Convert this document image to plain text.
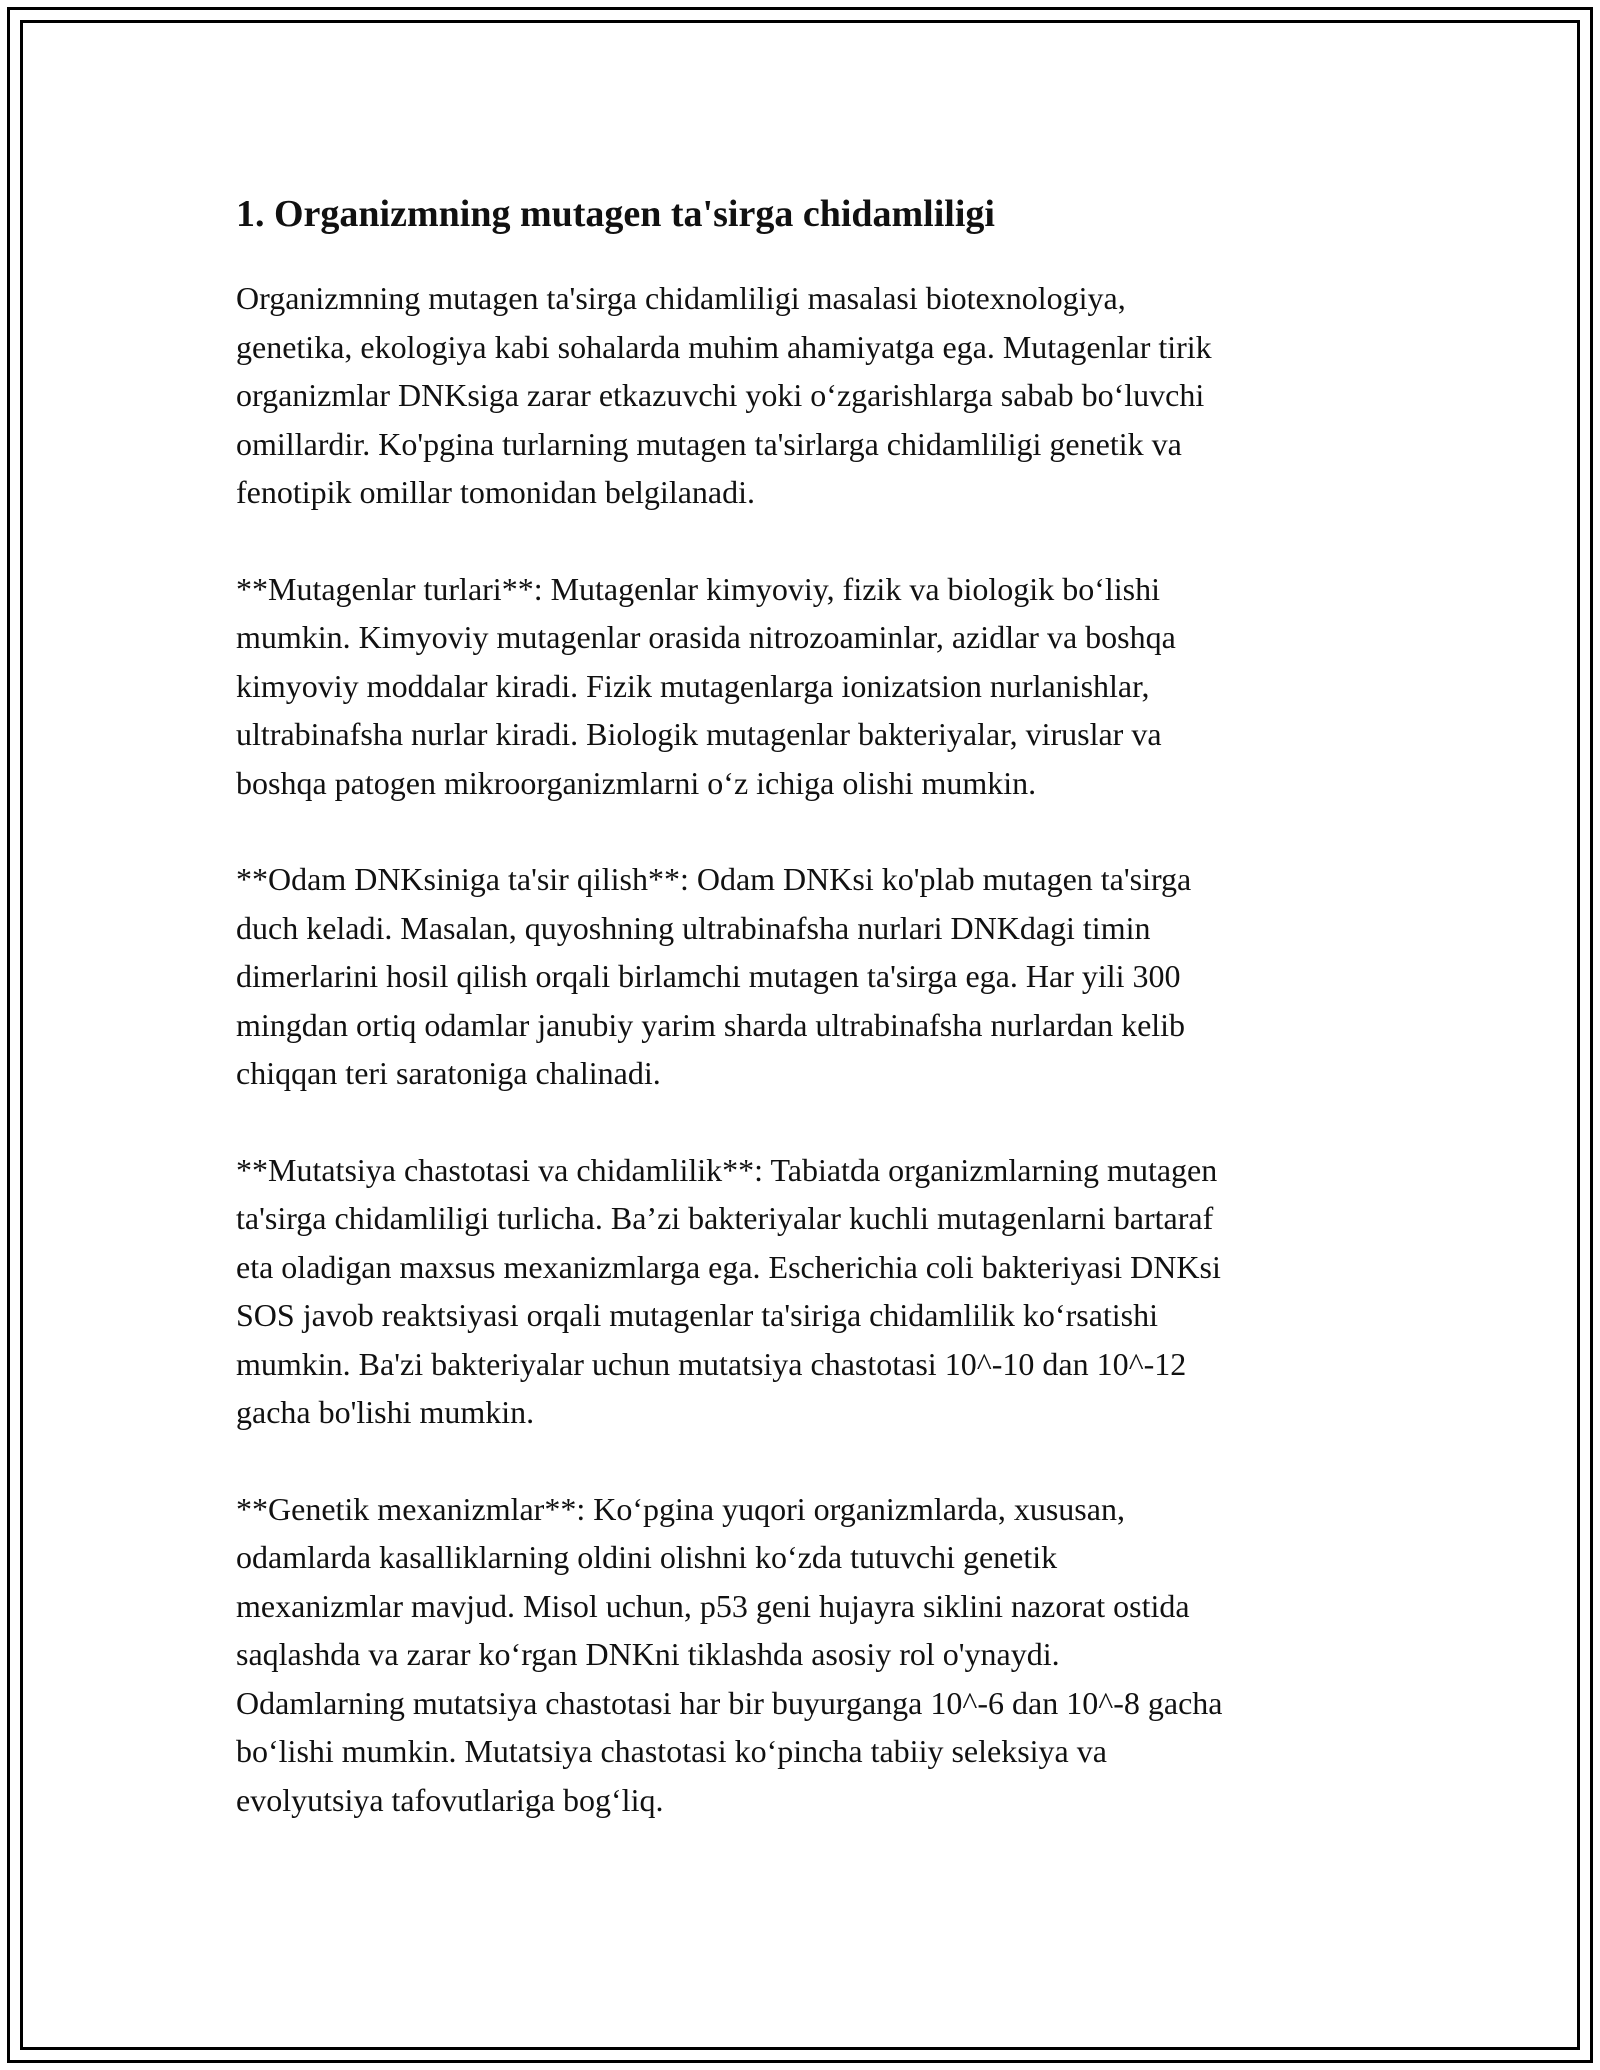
1. Organizmning mutagen ta'sirga chidamliligi

Organizmning mutagen ta'sirga chidamliligi masalasi biotexnologiya,
genetika, ekologiya kabi sohalarda muhim ahamiyatga ega. Mutagenlar tirik
organizmlar DNKsiga zarar etkazuvchi yoki o‘zgarishlarga sabab bo‘luvchi
omillardir. Ko'pgina turlarning mutagen ta'sirlarga chidamliligi genetik va
fenotipik omillar tomonidan belgilanadi.

**Mutagenlar turlari**: Mutagenlar kimyoviy, fizik va biologik bo‘lishi
mumkin. Kimyoviy mutagenlar orasida nitrozoaminlar, azidlar va boshqa
kimyoviy moddalar kiradi. Fizik mutagenlarga ionizatsion nurlanishlar,
ultrabinafsha nurlar kiradi. Biologik mutagenlar bakteriyalar, viruslar va
boshqa patogen mikroorganizmlarni o‘z ichiga olishi mumkin.

**Odam DNKsiniga ta'sir qilish**: Odam DNKsi ko'plab mutagen ta'sirga
duch keladi. Masalan, quyoshning ultrabinafsha nurlari DNKdagi timin
dimerlarini hosil qilish orqali birlamchi mutagen ta'sirga ega. Har yili 300
mingdan ortiq odamlar janubiy yarim sharda ultrabinafsha nurlardan kelib
chiqqan teri saratoniga chalinadi.

**Mutatsiya chastotasi va chidamlilik**: Tabiatda organizmlarning mutagen
ta'sirga chidamliligi turlicha. Ba’zi bakteriyalar kuchli mutagenlarni bartaraf
eta oladigan maxsus mexanizmlarga ega. Escherichia coli bakteriyasi DNKsi
SOS javob reaktsiyasi orqali mutagenlar ta'siriga chidamlilik ko‘rsatishi
mumkin. Ba'zi bakteriyalar uchun mutatsiya chastotasi 10^-10 dan 10^-12
gacha bo'lishi mumkin.

**Genetik mexanizmlar**: Ko‘pgina yuqori organizmlarda, xususan,
odamlarda kasalliklarning oldini olishni ko‘zda tutuvchi genetik
mexanizmlar mavjud. Misol uchun, p53 geni hujayra siklini nazorat ostida
saqlashda va zarar ko‘rgan DNKni tiklashda asosiy rol o'ynaydi.
Odamlarning mutatsiya chastotasi har bir buyurganga 10^-6 dan 10^-8 gacha
bo‘lishi mumkin. Mutatsiya chastotasi ko‘pincha tabiiy seleksiya va
evolyutsiya tafovutlariga bog‘liq.
